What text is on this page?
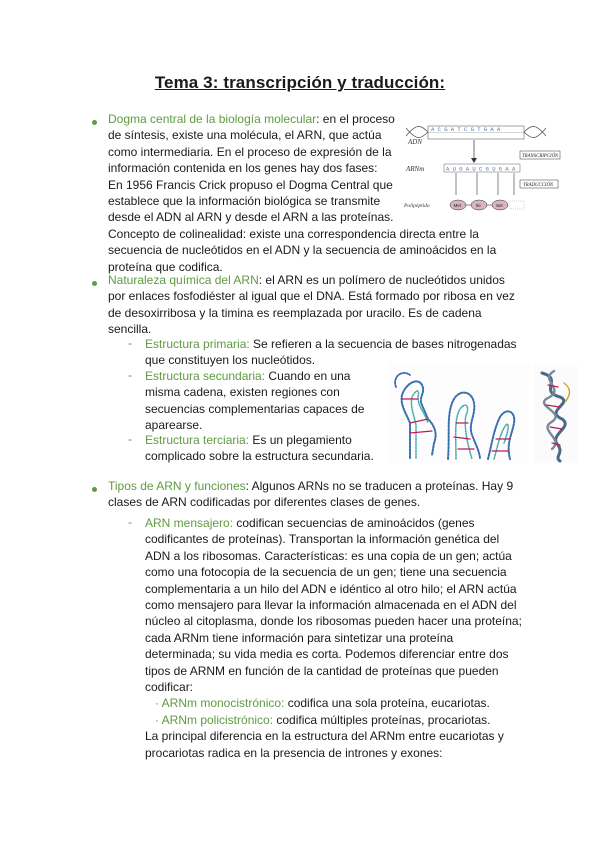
Tema 3: transcripción y traducción:
Dogma central de la biología molecular: en el proceso
de síntesis, existe una molécula, el ARN, que actúa
como intermediaria. En el proceso de expresión de la
información contenida en los genes hay dos fases:
En 1956 Francis Crick propuso el Dogma Central que
establece que la información biológica se transmite
desde el ADN al ARN y desde el ARN a las proteínas.
Concepto de colinealidad: existe una correspondencia directa entre la
secuencia de nucleótidos en el ADN y la secuencia de aminoácidos en la
proteína que codifica.
ADN
A C G A T C G T G A A
TRANSCRIPCIÓN
ARNm	A U G A U C G U G A A
TRADUCCIÓN
Polipéptido	Met	Ile	Ser
Naturaleza química del ARN: el ARN es un polímero de nucleótidos unidos
por enlaces fosfodiéster al igual que el DNA. Está formado por ribosa en vez
de desoxirribosa y la timina es reemplazada por uracilo. Es de cadena
sencilla.
- Estructura primaria: Se refieren a la secuencia de bases nitrogenadas
que constituyen los nucleótidos.
- Estructura secundaria: Cuando en una
misma cadena, existen regiones con
secuencias complementarias capaces de
aparearse.
- Estructura terciaria: Es un plegamiento
complicado sobre la estructura secundaria.
Tipos de ARN y funciones: Algunos ARNs no se traducen a proteínas. Hay 9
clases de ARN codificadas por diferentes clases de genes.
- ARN mensajero: codifican secuencias de aminoácidos (genes
codificantes de proteínas). Transportan la información genética del
ADN a los ribosomas. Características: es una copia de un gen; actúa
como una fotocopia de la secuencia de un gen; tiene una secuencia
complementaria a un hilo del ADN e idéntico al otro hilo; el ARN actúa
como mensajero para llevar la información almacenada en el ADN del
núcleo al citoplasma, donde los ribosomas pueden hacer una proteína;
cada ARNm tiene información para sintetizar una proteína
determinada; su vida media es corta. Podemos diferenciar entre dos
tipos de ARNM en función de la cantidad de proteínas que pueden
codificar:
· ARNm monocistrónico: codifica una sola proteína, eucariotas.
· ARNm policistrónico: codifica múltiples proteínas, procariotas.
La principal diferencia en la estructura del ARNm entre eucariotas y
procariotas radica en la presencia de intrones y exones:
